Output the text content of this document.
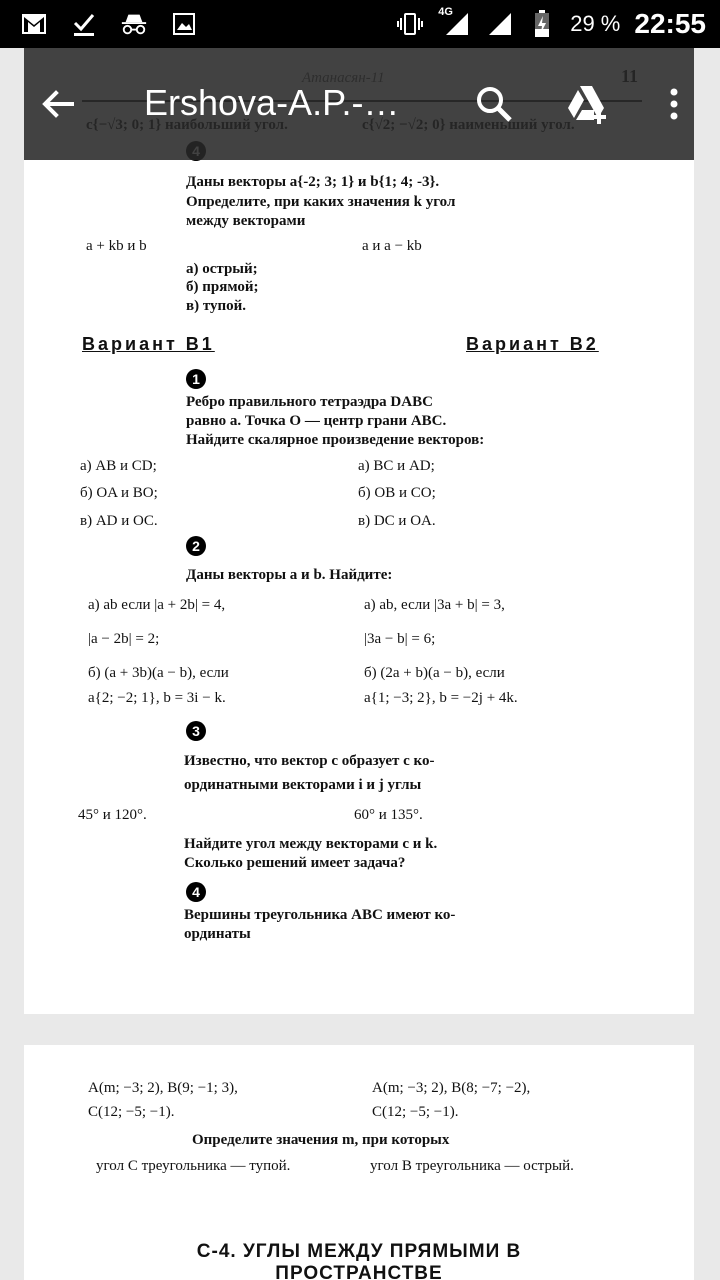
4G	29 % 22:55
Даны векторы a{-2; 3; 1} и b{1; 4; -3}.
Определите, при каких значения k угол
между векторами
a + kb и b	a и a − kb
а) острый;
б) прямой;
в) тупой.
Вариант В1	Вариант В2
1
Ребро правильного тетраэдра DABC
равно a. Точка O — центр грани ABC.
Найдите скалярное произведение векторов:
а) AB и CD;	а) BC и AD;
б) OA и BO;	б) OB и CO;
в) AD и OC.	в) DC и OA.
2
Даны векторы a и b. Найдите:
а) ab если |a + 2b| = 4,	а) ab, если |3a + b| = 3,
|a − 2b| = 2;	|3a − b| = 6;
б) (a + 3b)(a − b), если	б) (2a + b)(a − b), если
a{2; −2; 1}, b = 3i − k.	a{1; −3; 2}, b = −2j + 4k.
3
Известно, что вектор c образует с ко-
ординатными векторами i и j углы
45° и 120°.	60° и 135°.
Найдите угол между векторами c и k.
Сколько решений имеет задача?
4
Вершины треугольника ABC имеют ко-
ординаты
Ershova-A.P.-…
A(m; −3; 2), B(9; −1; 3),	A(m; −3; 2), B(8; −7; −2),
C(12; −5; −1).	C(12; −5; −1).
Определите значения m, при которых
угол C треугольника — тупой.	угол B треугольника — острый.
С-4. УГЛЫ МЕЖДУ ПРЯМЫМИ В
ПРОСТРАНСТВЕ
